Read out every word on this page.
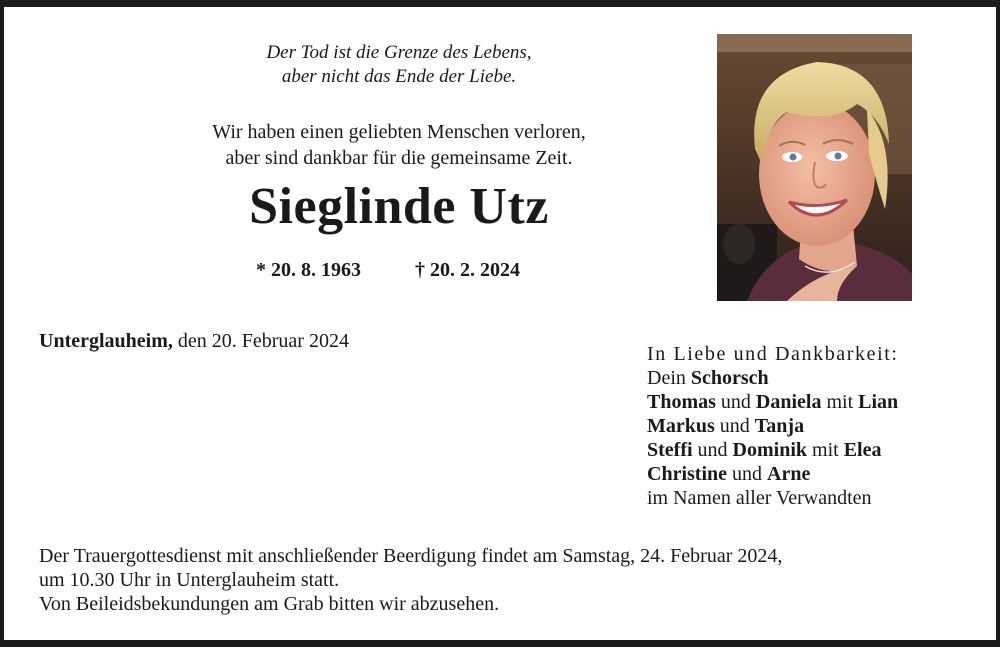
Der Tod ist die Grenze des Lebens,
aber nicht das Ende der Liebe.
Wir haben einen geliebten Menschen verloren,
aber sind dankbar für die gemeinsame Zeit.
Sieglinde Utz
* 20. 8. 1963	† 20. 2. 2024
Unterglauheim, den 20. Februar 2024
In Liebe und Dankbarkeit:
Dein Schorsch
Thomas und Daniela mit Lian
Markus und Tanja
Steffi und Dominik mit Elea
Christine und Arne
im Namen aller Verwandten
Der Trauergottesdienst mit anschließender Beerdigung findet am Samstag, 24. Februar 2024,
um 10.30 Uhr in Unterglauheim statt.
Von Beileidsbekundungen am Grab bitten wir abzusehen.
